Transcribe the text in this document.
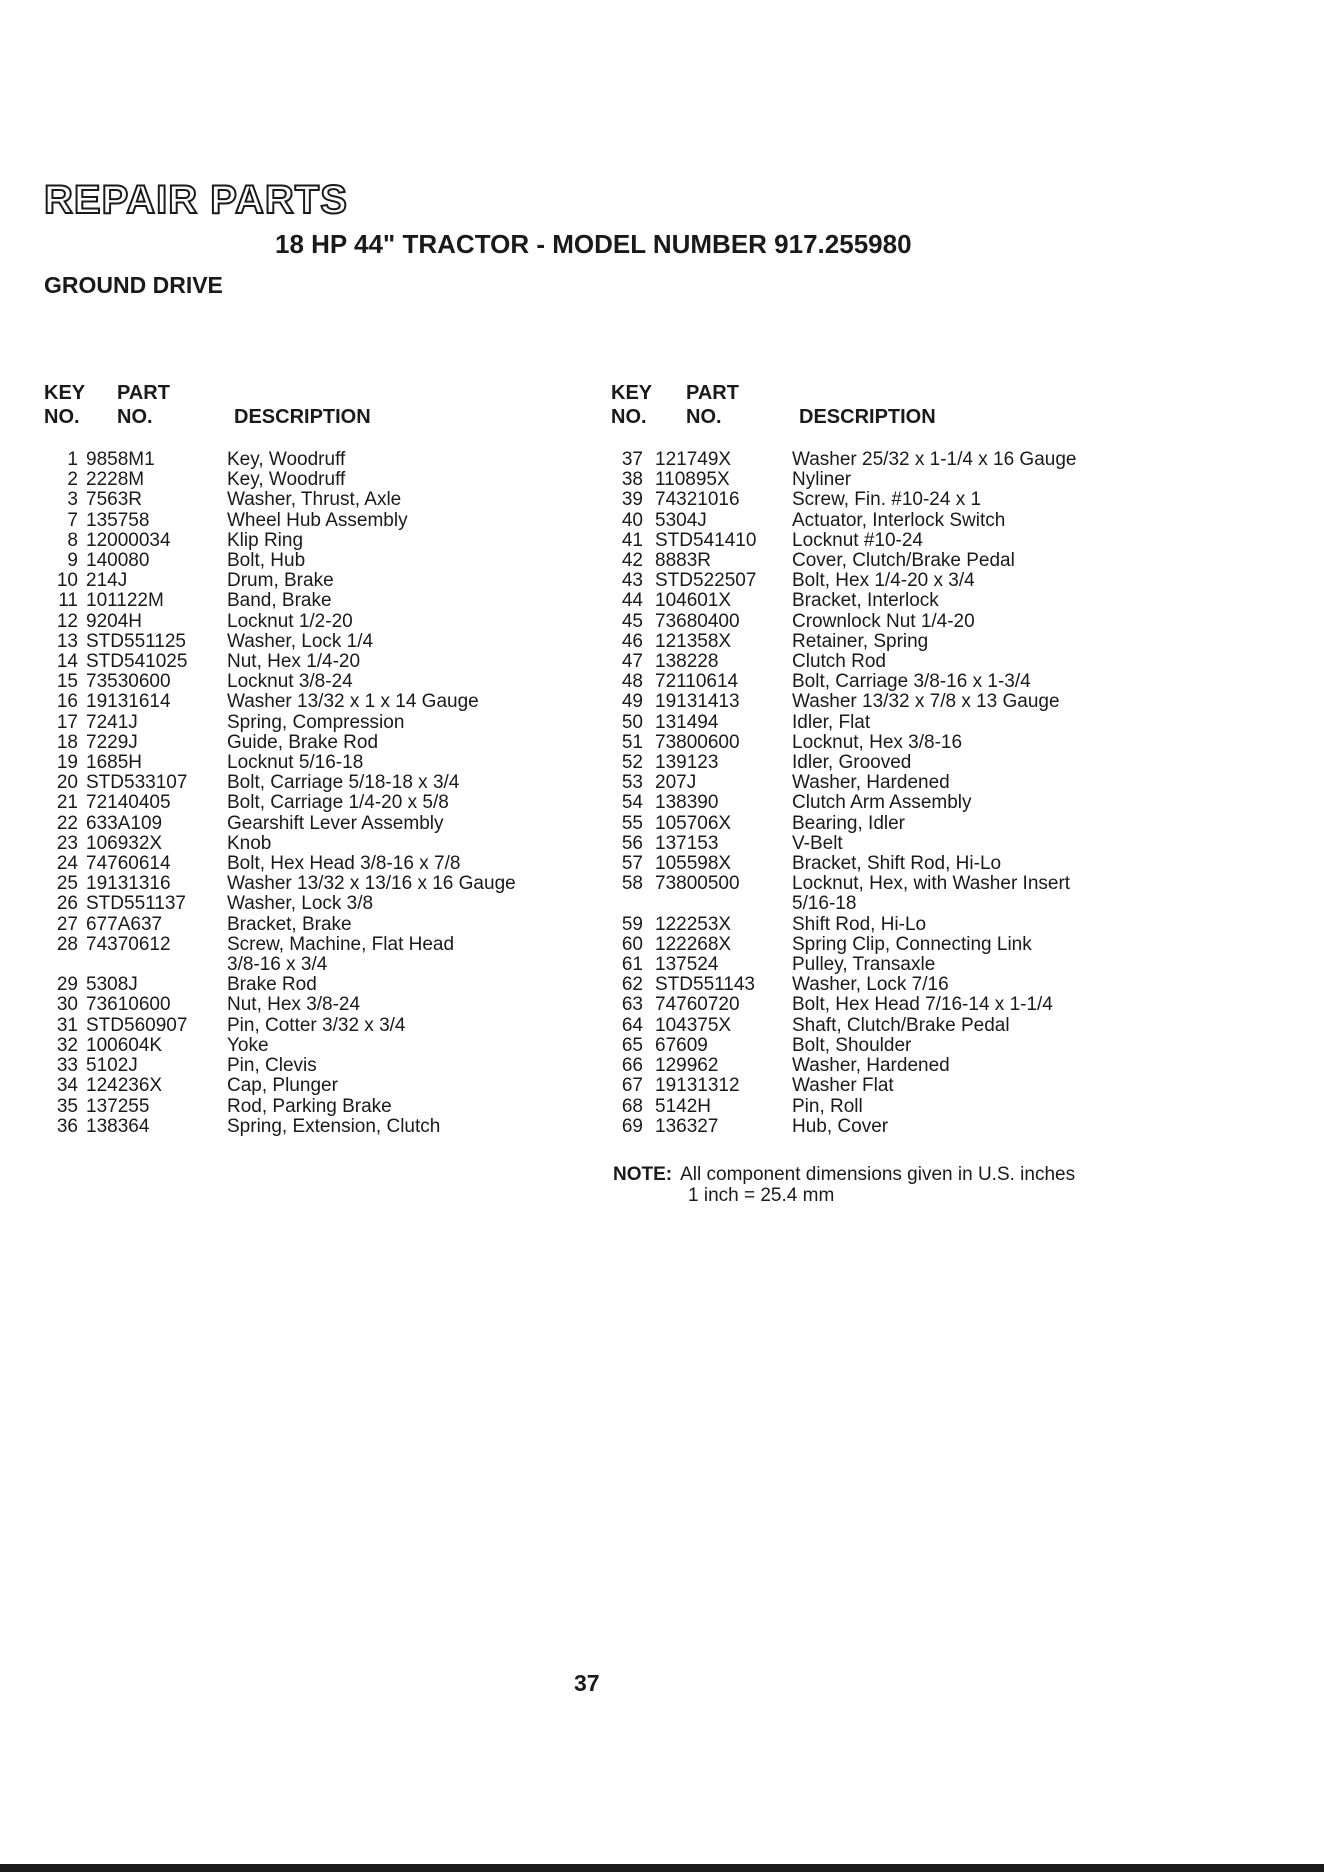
REPAIR PARTS
18 HP 44" TRACTOR - MODEL NUMBER 917.255980
GROUND DRIVE
KEY
NO.
PART
NO.	DESCRIPTION
1 9858M1	Key, Woodruff
2 2228M	Key, Woodruff
3 7563R	Washer, Thrust, Axle
7 135758	Wheel Hub Assembly
8 12000034	Klip Ring
9 140080	Bolt, Hub
10 214J	Drum, Brake
11 101122M	Band, Brake
12 9204H	Locknut 1/2-20
13 STD551125	Washer, Lock 1/4
14 STD541025	Nut, Hex 1/4-20
15 73530600	Locknut 3/8-24
16 19131614	Washer 13/32 x 1 x 14 Gauge
17 7241J	Spring, Compression
18 7229J	Guide, Brake Rod
19 1685H	Locknut 5/16-18
20 STD533107	Bolt, Carriage 5/18-18 x 3/4
21 72140405	Bolt, Carriage 1/4-20 x 5/8
22 633A109	Gearshift Lever Assembly
23 106932X	Knob
24 74760614	Bolt, Hex Head 3/8-16 x 7/8
25 19131316	Washer 13/32 x 13/16 x 16 Gauge
26 STD551137	Washer, Lock 3/8
27 677A637	Bracket, Brake
28 74370612	Screw, Machine, Flat Head
3/8-16 x 3/4
29 5308J	Brake Rod
30 73610600	Nut, Hex 3/8-24
31 STD560907	Pin, Cotter 3/32 x 3/4
32 100604K	Yoke
33 5102J	Pin, Clevis
34 124236X	Cap, Plunger
35 137255	Rod, Parking Brake
36 138364	Spring, Extension, Clutch
KEY
NO.
PART
NO.	DESCRIPTION
37 121749X	Washer 25/32 x 1-1/4 x 16 Gauge
38 110895X	Nyliner
39 74321016	Screw, Fin. #10-24 x 1
40 5304J	Actuator, Interlock Switch
41 STD541410	Locknut #10-24
42 8883R	Cover, Clutch/Brake Pedal
43 STD522507	Bolt, Hex 1/4-20 x 3/4
44 104601X	Bracket, Interlock
45 73680400	Crownlock Nut 1/4-20
46 121358X	Retainer, Spring
47 138228	Clutch Rod
48 72110614	Bolt, Carriage 3/8-16 x 1-3/4
49 19131413	Washer 13/32 x 7/8 x 13 Gauge
50 131494	Idler, Flat
51 73800600	Locknut, Hex 3/8-16
52 139123	Idler, Grooved
53 207J	Washer, Hardened
54 138390	Clutch Arm Assembly
55 105706X	Bearing, Idler
56 137153	V-Belt
57 105598X	Bracket, Shift Rod, Hi-Lo
58 73800500	Locknut, Hex, with Washer Insert
5/16-18
59 122253X	Shift Rod, Hi-Lo
60 122268X	Spring Clip, Connecting Link
61 137524	Pulley, Transaxle
62 STD551143	Washer, Lock 7/16
63 74760720	Bolt, Hex Head 7/16-14 x 1-1/4
64 104375X	Shaft, Clutch/Brake Pedal
65 67609	Bolt, Shoulder
66 129962	Washer, Hardened
67 19131312	Washer Flat
68 5142H	Pin, Roll
69 136327	Hub, Cover
NOTE: All component dimensions given in U.S. inches
1 inch = 25.4 mm
37
